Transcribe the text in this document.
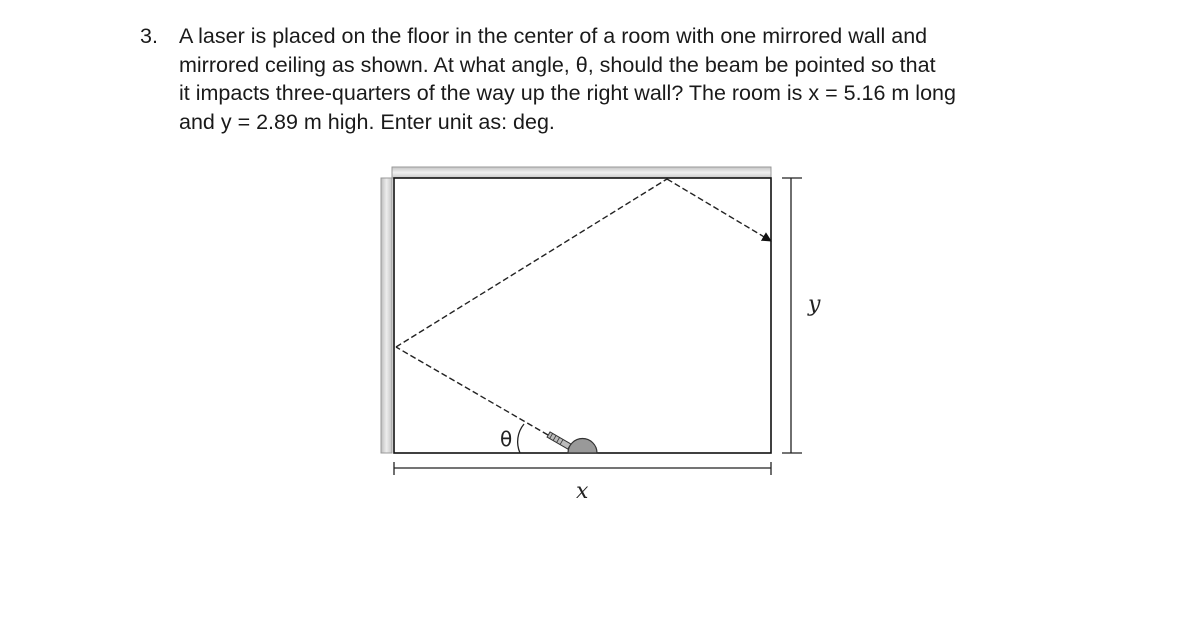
3. A laser is placed on the floor in the center of a room with one mirrored wall and
mirrored ceiling as shown. At what angle, θ, should the beam be pointed so that
it impacts three-quarters of the way up the right wall? The room is x = 5.16 m long
and y = 2.89 m high. Enter unit as: deg.
θ
x
y
